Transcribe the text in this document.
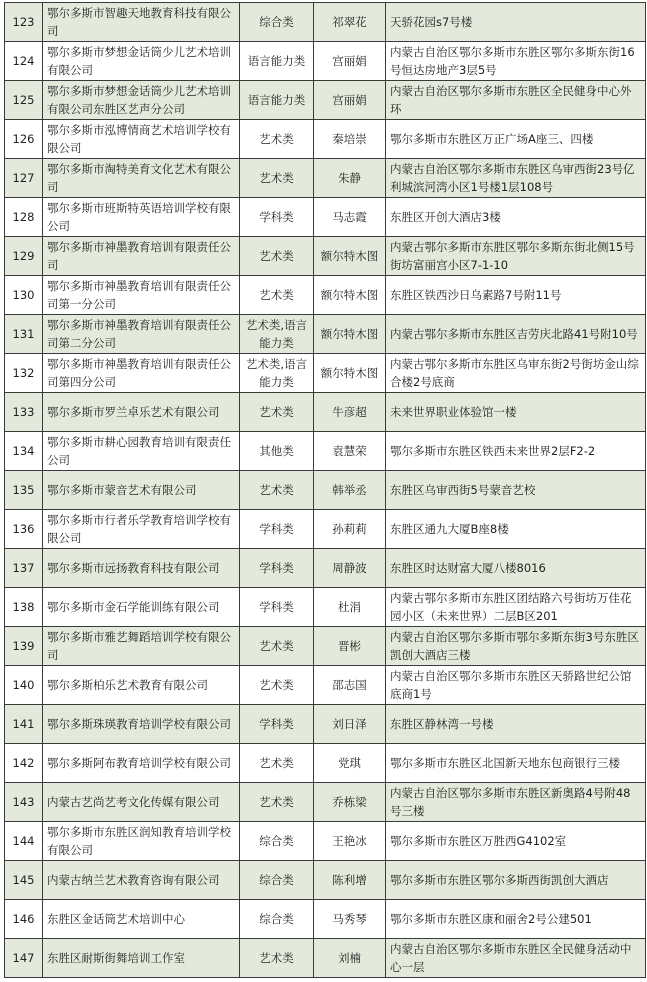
123	鄂尔多斯市智趣天地教育科技有限公司	综合类	祁翠花	天骄花园s7号楼
124	鄂尔多斯市梦想金话筒少儿艺术培训有限公司	语言能力类	宫丽娟	内蒙古自治区鄂尔多斯市东胜区鄂尔多斯东街16号恒达房地产3层5号
125	鄂尔多斯市梦想金话筒少儿艺术培训有限公司东胜区艺声分公司	语言能力类	宫丽娟	内蒙古自治区鄂尔多斯市东胜区全民健身中心外环
126	鄂尔多斯市泓博情商艺术培训学校有限公司	艺术类	秦培崇	鄂尔多斯市东胜区万正广场A座三、四楼
127	鄂尔多斯市淘特美育文化艺术有限公司	艺术类	朱静	内蒙古自治区鄂尔多斯市东胜区乌审西街23号亿利城滨河湾小区1号楼1层108号
128	鄂尔多斯市班斯特英语培训学校有限公司	学科类	马志霞	东胜区开创大酒店3楼
129	鄂尔多斯市神墨教育培训有限责任公司	艺术类	额尔特木图	内蒙古鄂尔多斯市东胜区鄂尔多斯东街北侧15号街坊富丽宫小区7-1-10
130	鄂尔多斯市神墨教育培训有限责任公司第一分公司	艺术类	额尔特木图	东胜区铁西沙日乌素路7号附11号
131	鄂尔多斯市神墨教育培训有限责任公司第二分公司	艺术类,语言能力类	额尔特木图	内蒙古鄂尔多斯市东胜区吉劳庆北路41号附10号
132	鄂尔多斯市神墨教育培训有限责任公司第四分公司	艺术类,语言能力类	额尔特木图	内蒙古鄂尔多斯市东胜区乌审东街2号街坊金山综合楼2号底商
133	鄂尔多斯市罗兰卓乐艺术有限公司	艺术类	牛彦超	未来世界职业体验馆一楼
134	鄂尔多斯市耕心园教育培训有限责任公司	其他类	袁慧荣	鄂尔多斯市东胜区铁西未来世界2层F2-2
135	鄂尔多斯市蒙音艺术有限公司	艺术类	韩举丞	东胜区乌审西街5号蒙音艺校
136	鄂尔多斯市行者乐学教育培训学校有限公司	学科类	孙莉莉	东胜区通九大厦B座8楼
137	鄂尔多斯市远扬教育科技有限公司	学科类	周静波	东胜区时达财富大厦八楼8016
138	鄂尔多斯市金石学能训练有限公司	学科类	杜涓	内蒙古鄂尔多斯市东胜区团结路六号街坊万佳花园小区（未来世界）二层B区201
139	鄂尔多斯市雅艺舞蹈培训学校有限公司	艺术类	晋彬	内蒙古自治区鄂尔多斯市鄂尔多斯东街3号东胜区凯创大酒店三楼
140	鄂尔多斯柏乐艺术教育有限公司	艺术类	邵志国	内蒙古自治区鄂尔多斯市东胜区天骄路世纪公馆底商1号
141	鄂尔多斯珠瑛教育培训学校有限公司	学科类	刘日泽	东胜区静林湾一号楼
142	鄂尔多斯阿布教育培训学校有限公司	艺术类	党琪	鄂尔多斯市东胜区北国新天地东包商银行三楼
143	内蒙古艺尚艺考文化传媒有限公司	艺术类	乔栋梁	内蒙古自治区鄂尔多斯市东胜区新奥路4号附48号三楼
144	鄂尔多斯市东胜区润知教育培训学校有限公司	综合类	王艳冰	鄂尔多斯市东胜区万胜西G4102室
145	内蒙古纳兰艺术教育咨询有限公司	综合类	陈利增	鄂尔多斯市东胜区鄂尔多斯西街凯创大酒店
146	东胜区金话筒艺术培训中心	综合类	马秀琴	鄂尔多斯市东胜区康和丽舍2号公建501
147	东胜区耐斯街舞培训工作室	艺术类	刘楠	内蒙古自治区鄂尔多斯市东胜区全民健身活动中心一层
